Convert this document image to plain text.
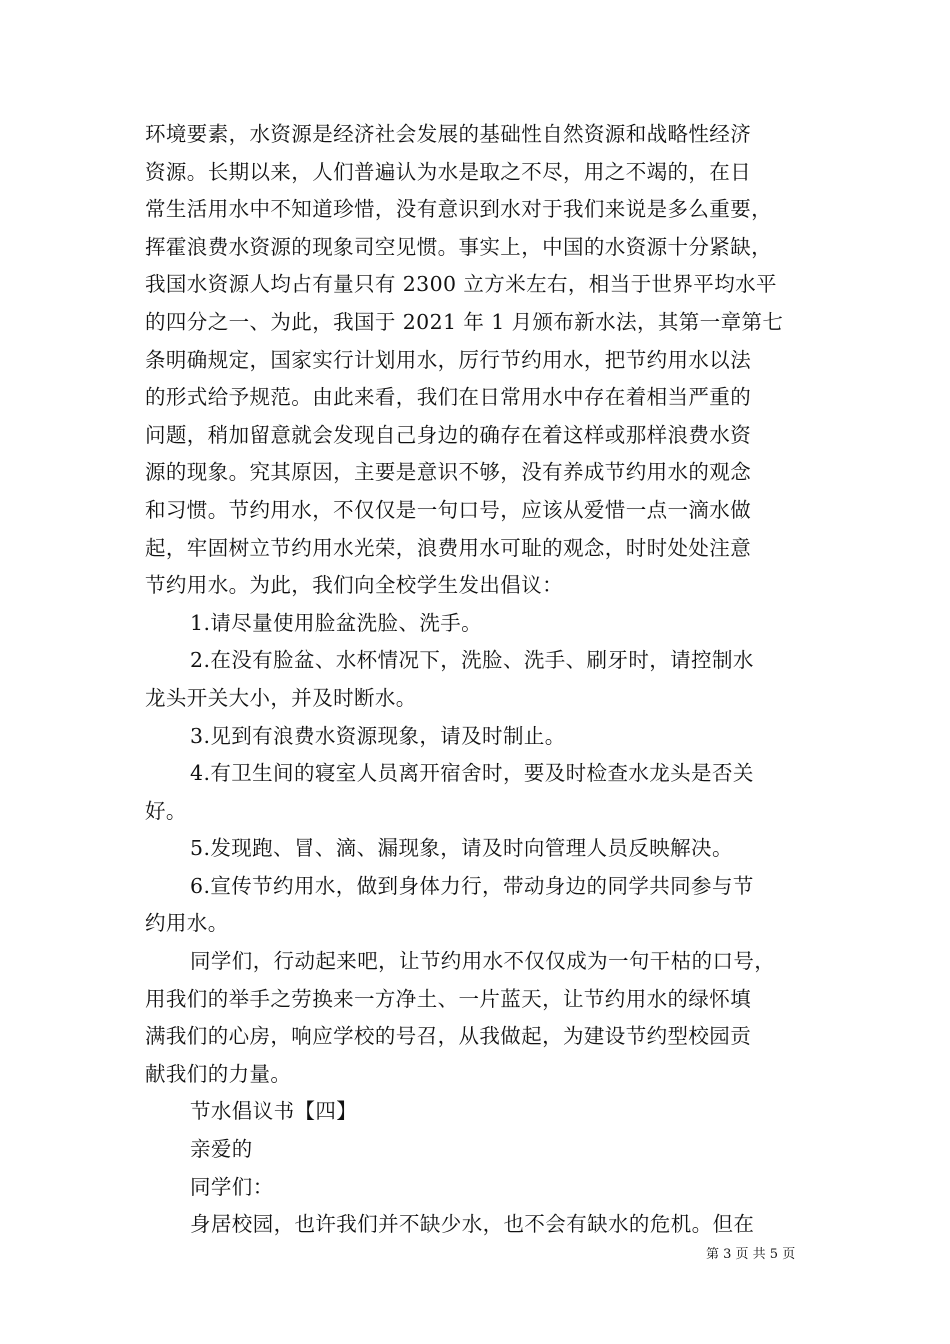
环境要素，水资源是经济社会发展的基础性自然资源和战略性经济
资源。长期以来，人们普遍认为水是取之不尽，用之不竭的，在日
常生活用水中不知道珍惜，没有意识到水对于我们来说是多么重要，
挥霍浪费水资源的现象司空见惯。事实上，中国的水资源十分紧缺，
我国水资源人均占有量只有 2300 立方米左右，相当于世界平均水平
的四分之一、为此，我国于 2021 年 1 月颁布新水法，其第一章第七
条明确规定，国家实行计划用水，厉行节约用水，把节约用水以法
的形式给予规范。由此来看，我们在日常用水中存在着相当严重的
问题，稍加留意就会发现自己身边的确存在着这样或那样浪费水资
源的现象。究其原因，主要是意识不够，没有养成节约用水的观念
和习惯。节约用水，不仅仅是一句口号，应该从爱惜一点一滴水做
起，牢固树立节约用水光荣，浪费用水可耻的观念，时时处处注意
节约用水。为此，我们向全校学生发出倡议：
1.请尽量使用脸盆洗脸、洗手。
2.在没有脸盆、水杯情况下，洗脸、洗手、刷牙时，请控制水
龙头开关大小，并及时断水。
3.见到有浪费水资源现象，请及时制止。
4.有卫生间的寝室人员离开宿舍时，要及时检查水龙头是否关
好。
5.发现跑、冒、滴、漏现象，请及时向管理人员反映解决。
6.宣传节约用水，做到身体力行，带动身边的同学共同参与节
约用水。
同学们，行动起来吧，让节约用水不仅仅成为一句干枯的口号，
用我们的举手之劳换来一方净土、一片蓝天，让节约用水的绿怀填
满我们的心房，响应学校的号召，从我做起，为建设节约型校园贡
献我们的力量。
节水倡议书【四】
亲爱的
同学们：
身居校园，也许我们并不缺少水，也不会有缺水的危机。但在
第 3 页 共 5 页
